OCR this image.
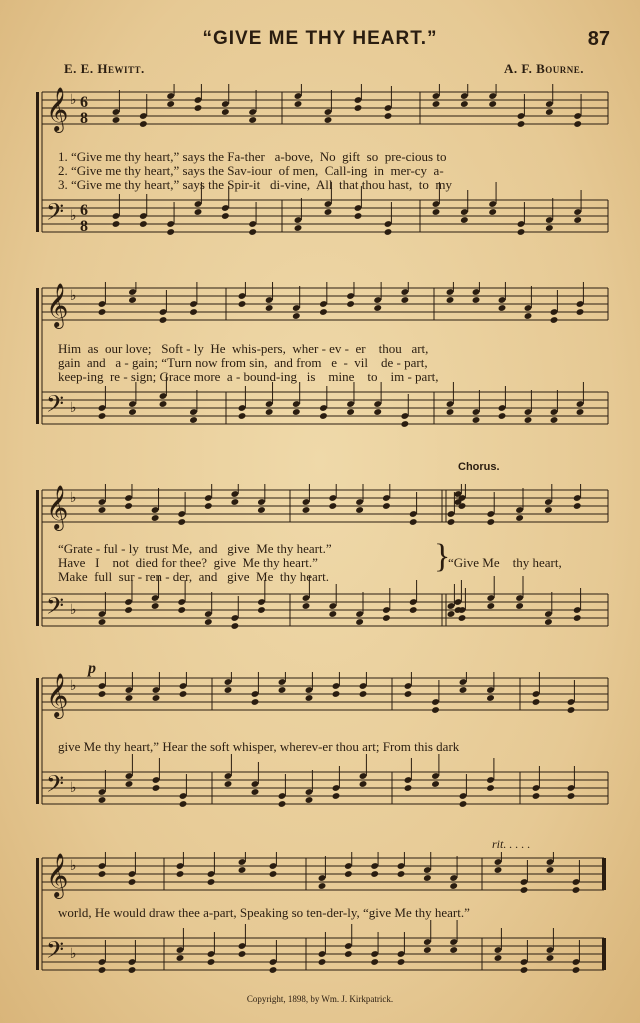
“GIVE ME THY HEART.”	87
E. E. Hewitt.	A. F. Bourne.
𝄞 ♭ 6
8
𝄢 ♭ 6
8
1. “Give me thy heart,” says the Fa-ther   a-bove,  No  gift  so  pre-cious to
2. “Give me thy heart,” says the Sav-iour  of men,  Call-ing  in  mer-cy  a-
3. “Give me thy heart,” says the Spir-it   di-vine,  All  that thou hast,  to  my
𝄞 ♭
𝄢 ♭
Him  as  our love;   Soft - ly  He  whis-pers,  wher - ev -  er    thou   art,
gain  and   a - gain; “Turn now from sin,  and from   e  -  vil    de - part,
keep-ing  re - sign; Grace more  a - bound-ing   is    mine    to    im - part,
Chorus.
𝄞 ♭
𝄢 ♭
“Grate - ful - ly  trust Me,  and   give  Me thy heart.”
Have   I    not  died for thee?  give  Me thy heart.”
Make  full  sur - ren - der,  and   give  Me  thy heart.
}
“Give Me    thy heart,
p
𝄞 ♭
𝄢 ♭
give Me thy heart,” Hear the soft whisper, wherev-er thou art; From this dark
rit. . . . .
𝄞 ♭
𝄢 ♭
world, He would draw thee a-part, Speaking so ten-der-ly, “give Me thy heart.”
Copyright, 1898, by Wm. J. Kirkpatrick.
